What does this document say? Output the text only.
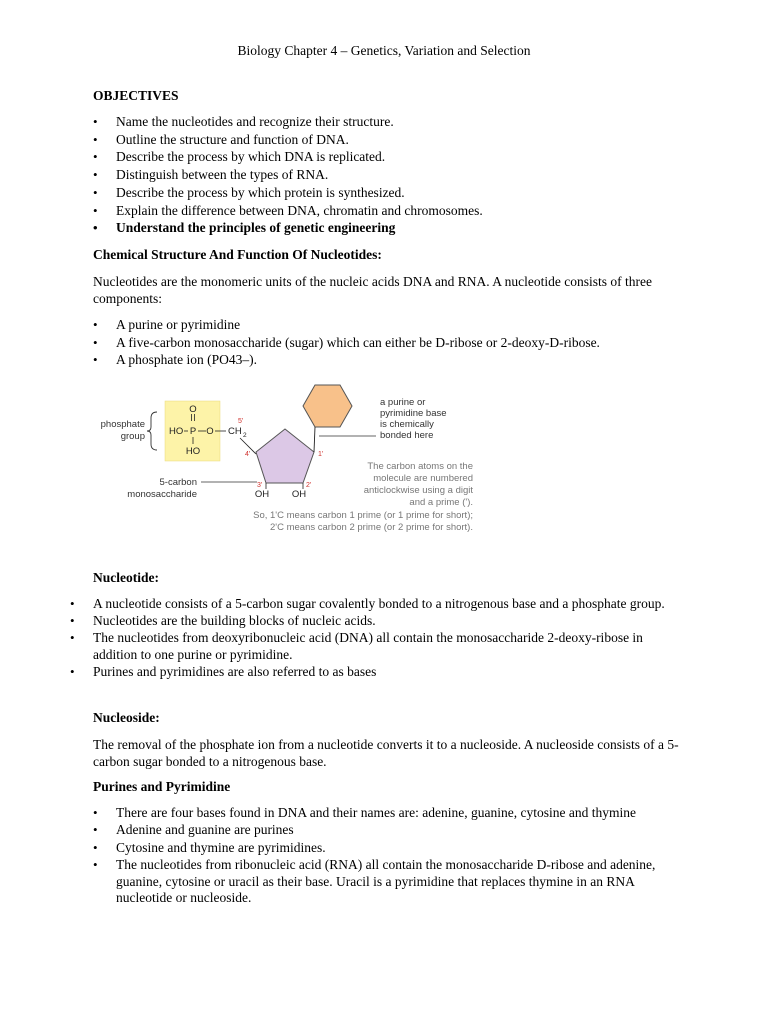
Biology Chapter 4 – Genetics, Variation and Selection
OBJECTIVES
• Name the nucleotides and recognize their structure.
• Outline the structure and function of DNA.
• Describe the process by which DNA is replicated.
• Distinguish between the types of RNA.
• Describe the process by which protein is synthesized.
• Explain the difference between DNA, chromatin and chromosomes.
• Understand the principles of genetic engineering
Chemical Structure And Function Of Nucleotides:
Nucleotides are the monomeric units of the nucleic acids DNA and RNA. A nucleotide consists of three components:
• A purine or pyrimidine
• A five-carbon monosaccharide (sugar) which can either be D-ribose or 2-deoxy-D-ribose.
• A phosphate ion (PO43–).
phosphate
group
O
HO P O CH 2
HO
5'
4'
3'	2'
1'
OH OH
5-carbon
monosaccharide
a purine or
pyrimidine base
is chemically
bonded here
The carbon atoms on the
molecule are numbered
anticlockwise using a digit
and a prime (').
So, 1'C means carbon 1 prime (or 1 prime for short);
2'C means carbon 2 prime (or 2 prime for short).
Nucleotide:
• A nucleotide consists of a 5-carbon sugar covalently bonded to a nitrogenous base and a phosphate group.
• Nucleotides are the building blocks of nucleic acids.
• The nucleotides from deoxyribonucleic acid (DNA) all contain the monosaccharide 2-deoxy-ribose in addition to one purine or pyrimidine.
• Purines and pyrimidines are also referred to as bases
Nucleoside:
The removal of the phosphate ion from a nucleotide converts it to a nucleoside. A nucleoside consists of a 5-carbon sugar bonded to a nitrogenous base.
Purines and Pyrimidine
• There are four bases found in DNA and their names are: adenine, guanine, cytosine and thymine
• Adenine and guanine are purines
• Cytosine and thymine are pyrimidines.
• The nucleotides from ribonucleic acid (RNA) all contain the monosaccharide D-ribose and adenine, guanine, cytosine or uracil as their base. Uracil is a pyrimidine that replaces thymine in an RNA nucleotide or nucleoside.
